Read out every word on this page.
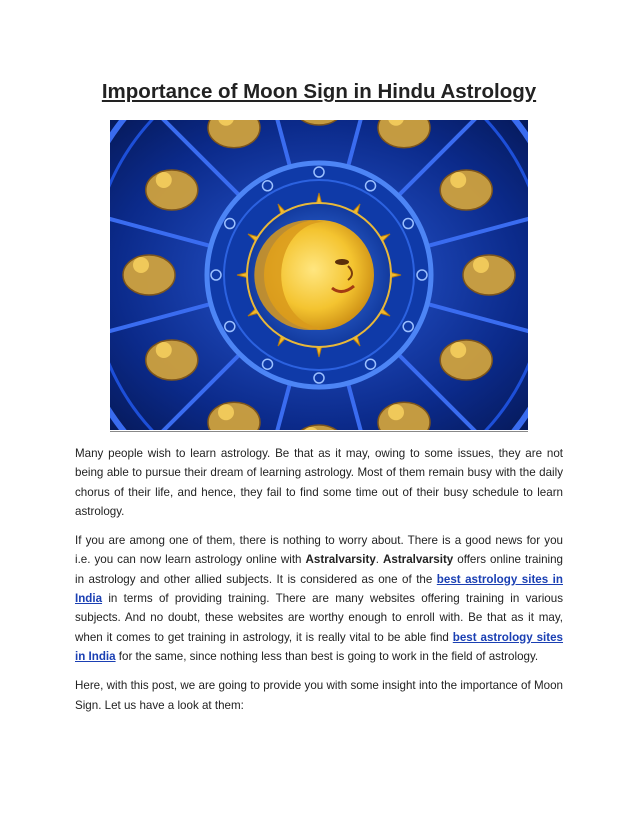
Importance of Moon Sign in Hindu Astrology

Many people wish to learn astrology. Be that as it may, owing to some issues, they are not being able to pursue their dream of learning astrology. Most of them remain busy with the daily chorus of their life, and hence, they fail to find some time out of their busy schedule to learn astrology.

If you are among one of them, there is nothing to worry about. There is a good news for you i.e. you can now learn astrology online with Astralvarsity. Astralvarsity offers online training in astrology and other allied subjects. It is considered as one of the best astrology sites in India in terms of providing training. There are many websites offering training in various subjects. And no doubt, these websites are worthy enough to enroll with. Be that as it may, when it comes to get training in astrology, it is really vital to be able find best astrology sites in India for the same, since nothing less than best is going to work in the field of astrology.

Here, with this post, we are going to provide you with some insight into the importance of Moon Sign. Let us have a look at them:
